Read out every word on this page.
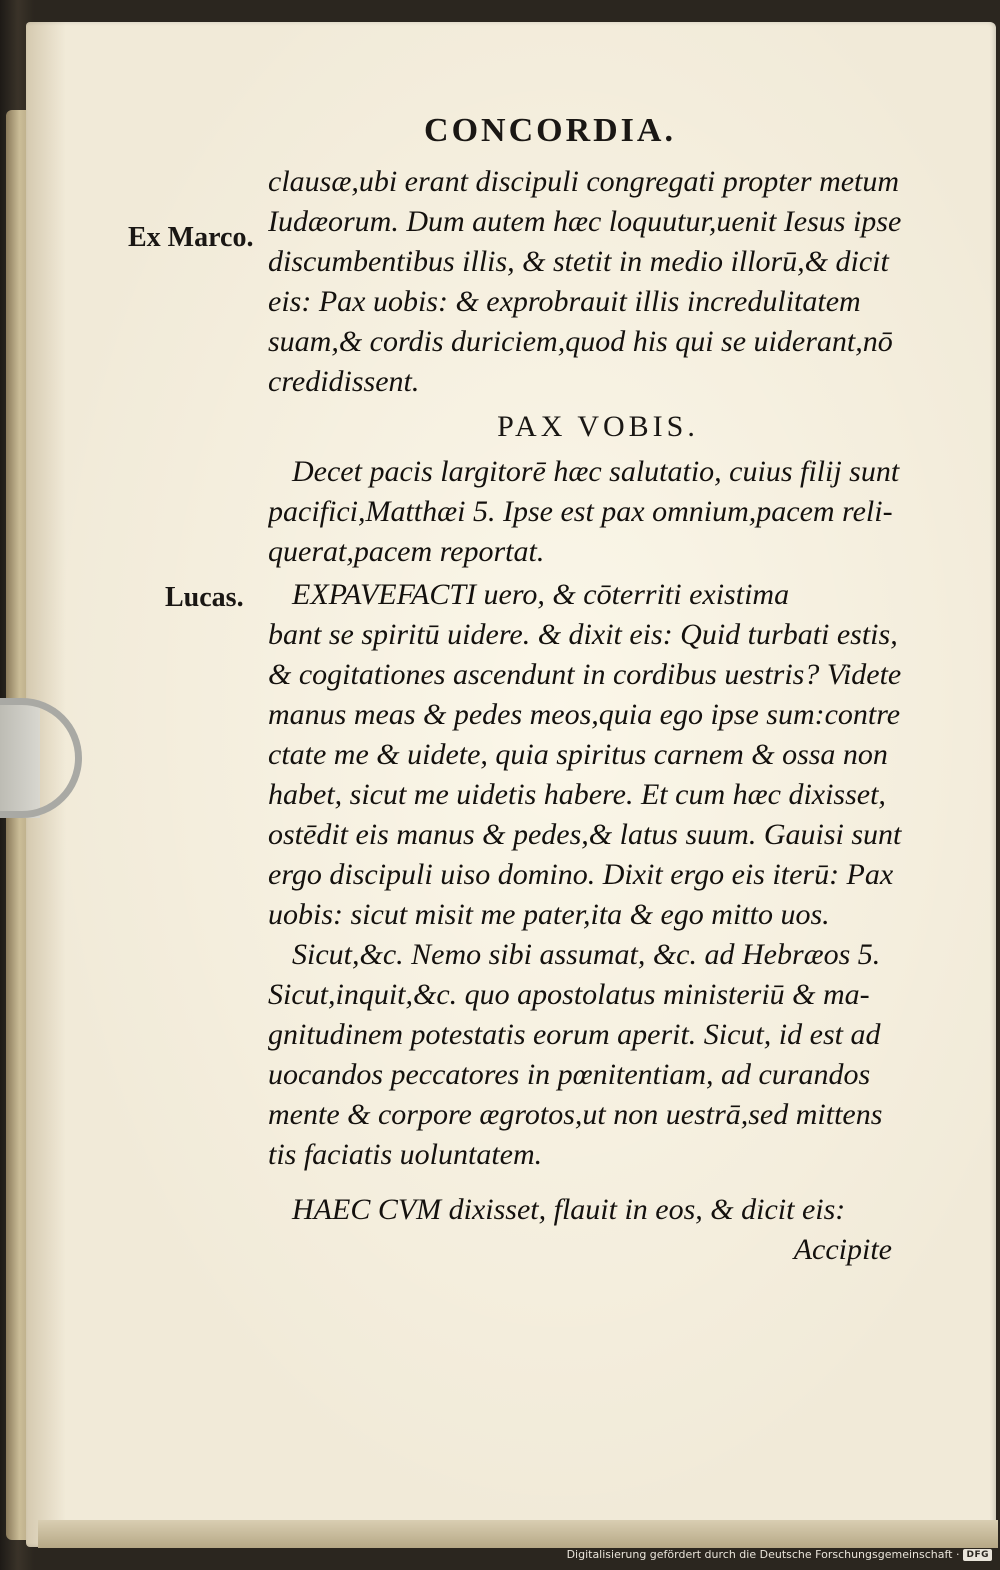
CONCORDIA.
clausæ,ubi erant discipuli congregati propter metum
Iudæorum. Dum autem hæc loquutur,uenit Iesus ipse
discumbentibus illis, & stetit in medio illorū,& dicit
eis: Pax uobis: & exprobrauit illis incredulitatem
suam,& cordis duriciem,quod his qui se uiderant,nō
credidissent.
Ex Marco.
PAX VOBIS.
Decet pacis largitorē hæc salutatio, cuius filij sunt
pacifici,Matthæi 5. Ipse est pax omnium,pacem reli-
querat,pacem reportat.
EXPAVEFACTI uero, & cōterriti existima
bant se spiritū uidere. & dixit eis: Quid turbati estis,
& cogitationes ascendunt in cordibus uestris? Videte
manus meas & pedes meos,quia ego ipse sum:contre
ctate me & uidete, quia spiritus carnem & ossa non
habet, sicut me uidetis habere. Et cum hæc dixisset,
ostēdit eis manus & pedes,& latus suum. Gauisi sunt
ergo discipuli uiso domino. Dixit ergo eis iterū: Pax
uobis: sicut misit me pater,ita & ego mitto uos.
Lucas.
Sicut,&c. Nemo sibi assumat, &c. ad Hebræos 5.
Sicut,inquit,&c. quo apostolatus ministeriū & ma-
gnitudinem potestatis eorum aperit. Sicut, id est ad
uocandos peccatores in pœnitentiam, ad curandos
mente & corpore ægrotos,ut non uestrā,sed mittens
tis faciatis uoluntatem.
HAEC CVM dixisset, flauit in eos, & dicit eis:
Accipite
Digitalisierung gefördert durch die Deutsche Forschungsgemeinschaft · DFG
